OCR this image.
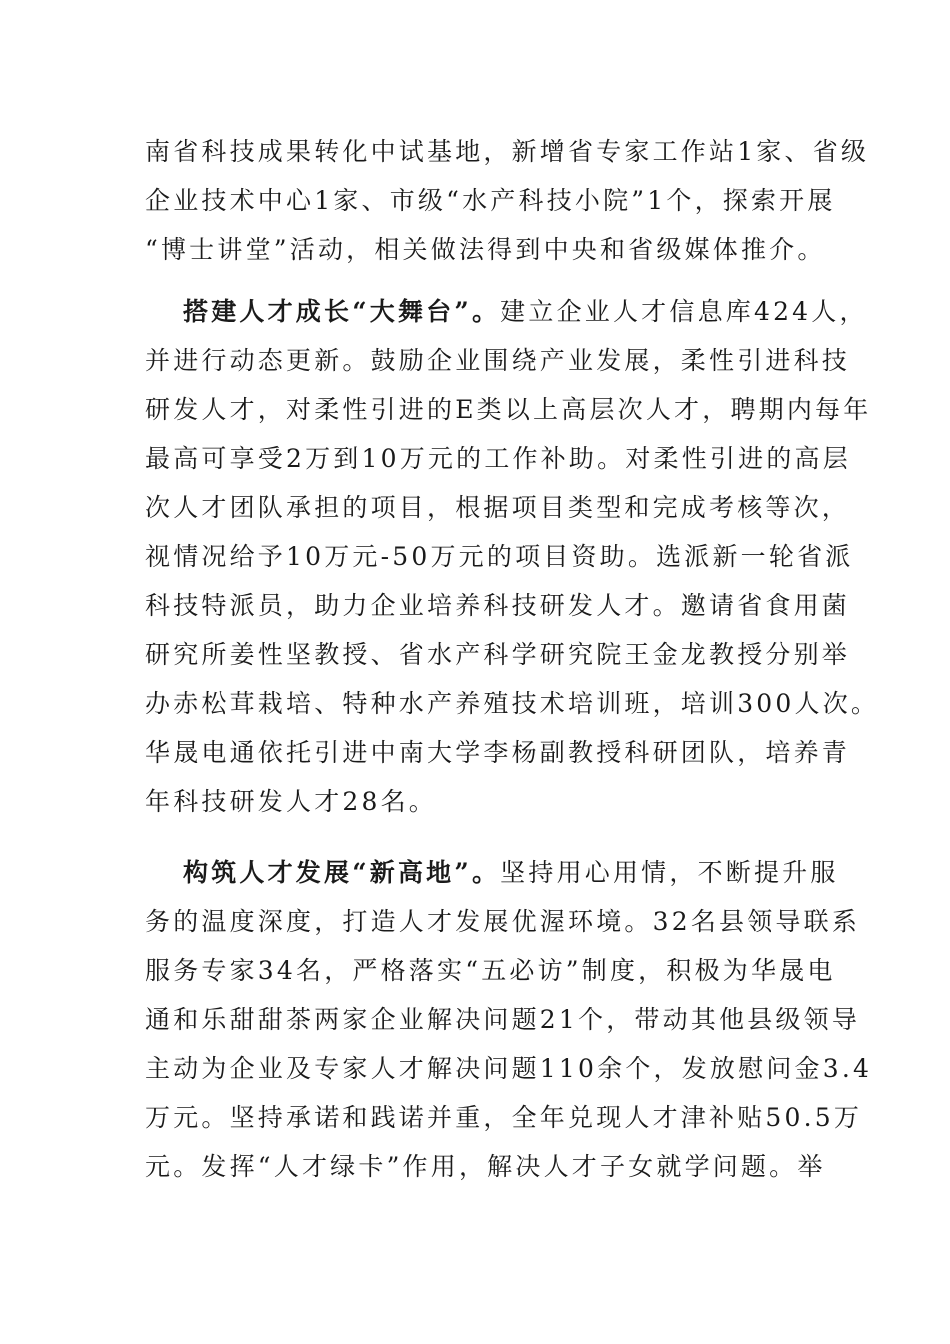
南省科技成果转化中试基地，新增省专家工作站1家、省级
企业技术中心1家、市级“水产科技小院”1个，探索开展
“博士讲堂”活动，相关做法得到中央和省级媒体推介。
搭建人才成长“大舞台”。建立企业人才信息库424人，
并进行动态更新。鼓励企业围绕产业发展，柔性引进科技
研发人才，对柔性引进的E类以上高层次人才，聘期内每年
最高可享受2万到10万元的工作补助。对柔性引进的高层
次人才团队承担的项目，根据项目类型和完成考核等次，
视情况给予10万元-50万元的项目资助。选派新一轮省派
科技特派员，助力企业培养科技研发人才。邀请省食用菌
研究所姜性坚教授、省水产科学研究院王金龙教授分别举
办赤松茸栽培、特种水产养殖技术培训班，培训300人次。
华晟电通依托引进中南大学李杨副教授科研团队，培养青
年科技研发人才28名。
构筑人才发展“新高地”。坚持用心用情，不断提升服
务的温度深度，打造人才发展优渥环境。32名县领导联系
服务专家34名，严格落实“五必访”制度，积极为华晟电
通和乐甜甜茶两家企业解决问题21个，带动其他县级领导
主动为企业及专家人才解决问题110余个，发放慰问金3.4
万元。坚持承诺和践诺并重，全年兑现人才津补贴50.5万
元。发挥“人才绿卡”作用，解决人才子女就学问题。举
